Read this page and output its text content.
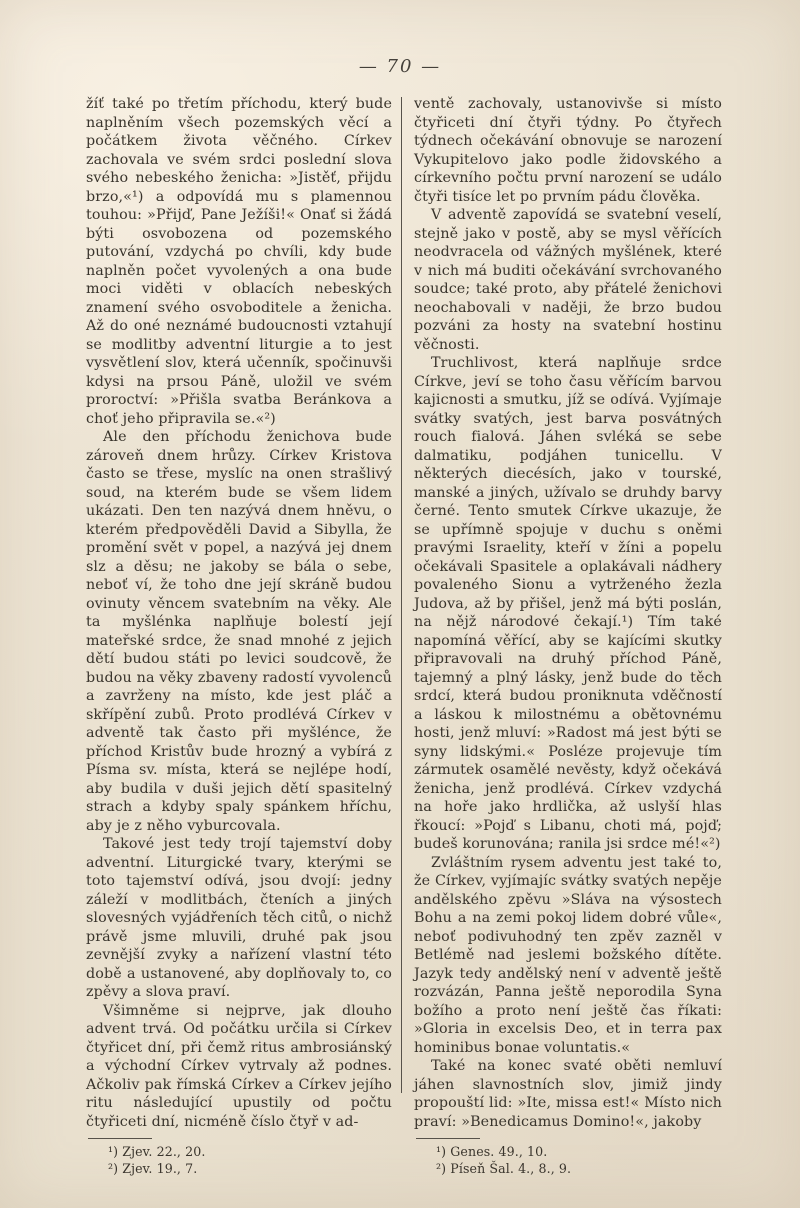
— 70 —

žíť také po třetím příchodu, který bude naplněním všech pozemských věcí a počátkem života věčného. Církev zachovala ve svém srdci poslední slova svého nebeského ženicha: »Jistěť, přijdu brzo,«¹) a odpovídá mu s plamennou touhou: »Přijď, Pane Ježíši!« Onať si žádá býti osvobozena od pozemského putování, vzdychá po chvíli, kdy bude naplněn počet vyvolených a ona bude moci viděti v oblacích nebeských znamení svého osvoboditele a ženicha. Až do oné neznámé budoucnosti vztahují se modlitby adventní liturgie a to jest vysvětlení slov, která učenník, spočinuvši kdysi na prsou Páně, uložil ve svém proroctví: »Přišla svatba Beránkova a choť jeho připravila se.«²)

Ale den příchodu ženichova bude zároveň dnem hrůzy. Církev Kristova často se třese, myslíc na onen strašlivý soud, na kterém bude se všem lidem ukázati. Den ten nazývá dnem hněvu, o kterém předpověděli David a Sibylla, že promění svět v popel, a nazývá jej dnem slz a děsu; ne jakoby se bála o sebe, neboť ví, že toho dne její skráně budou ovinuty věncem svatebním na věky. Ale ta myšlénka naplňuje bolestí její mateřské srdce, že snad mnohé z jejich dětí budou státi po levici soudcově, že budou na věky zbaveny radostí vyvolenců a zavrženy na místo, kde jest pláč a skřípění zubů. Proto prodlévá Církev v adventě tak často při myšlénce, že příchod Kristův bude hrozný a vybírá z Písma sv. místa, která se nejlépe hodí, aby budila v duši jejich dětí spasitelný strach a kdyby spaly spánkem hříchu, aby je z něho vyburcovala.

Takové jest tedy trojí tajemství doby adventní. Liturgické tvary, kterými se toto tajemství odívá, jsou dvojí: jedny záleží v modlitbách, čteních a jiných slovesných vyjádřeních těch citů, o nichž právě jsme mluvili, druhé pak jsou zevnější zvyky a nařízení vlastní této době a ustanovené, aby doplňovaly to, co zpěvy a slova praví.

Všimněme si nejprve, jak dlouho advent trvá. Od počátku určila si Církev čtyřicet dní, při čemž ritus ambrosiánský a východní Církev vytrvaly až podnes. Ačkoliv pak římská Církev a Církev jejího ritu následující upustily od počtu čtyřiceti dní, nicméně číslo čtyř v ad-

¹) Zjev. 22., 20.
²) Zjev. 19., 7.

ventě zachovaly, ustanovivše si místo čtyřiceti dní čtyři týdny. Po čtyřech týdnech očekávání obnovuje se narození Vykupitelovo jako podle židovského a církevního počtu první narození se událo čtyři tisíce let po prvním pádu člověka.

V adventě zapovídá se svatební veselí, stejně jako v postě, aby se mysl věřících neodvracela od vážných myšlének, které v nich má buditi očekávání svrchovaného soudce; také proto, aby přátelé ženichovi neochabovali v naději, že brzo budou pozváni za hosty na svatební hostinu věčnosti.

Truchlivost, která naplňuje srdce Církve, jeví se toho času věřícím barvou kajicnosti a smutku, jíž se odívá. Vyjímaje svátky svatých, jest barva posvátných rouch fialová. Jáhen svléká se sebe dalmatiku, podjáhen tunicellu. V některých diecésích, jako v tourské, manské a jiných, užívalo se druhdy barvy černé. Tento smutek Církve ukazuje, že se upřímně spojuje v duchu s oněmi pravými Israelity, kteří v žíni a popelu očekávali Spasitele a oplakávali nádhery povaleného Sionu a vytrženého žezla Judova, až by přišel, jenž má býti poslán, na nějž národové čekají.¹) Tím také napomíná věřící, aby se kajícími skutky připravovali na druhý příchod Páně, tajemný a plný lásky, jenž bude do těch srdcí, která budou proniknuta vděčností a láskou k milostnému a obětovnému hosti, jenž mluví: »Radost má jest býti se syny lidskými.« Posléze projevuje tím zármutek osamělé nevěsty, když očekává ženicha, jenž prodlévá. Církev vzdychá na hoře jako hrdlička, až uslyší hlas řkoucí: »Pojď s Libanu, choti má, pojď; budeš korunována; ranila jsi srdce mé!«²)

Zvláštním rysem adventu jest také to, že Církev, vyjímajíc svátky svatých nepěje andělského zpěvu »Sláva na výsostech Bohu a na zemi pokoj lidem dobré vůle«, neboť podivuhodný ten zpěv zazněl v Betlémě nad jeslemi božského dítěte. Jazyk tedy andělský není v adventě ještě rozvázán, Panna ještě neporodila Syna božího a proto není ještě čas říkati: »Gloria in excelsis Deo, et in terra pax hominibus bonae voluntatis.«

Také na konec svaté oběti nemluví jáhen slavnostních slov, jimiž jindy propouští lid: »Ite, missa est!« Místo nich praví: »Benedicamus Domino!«, jakoby

¹) Genes. 49., 10.
²) Píseň Šal. 4., 8., 9.
